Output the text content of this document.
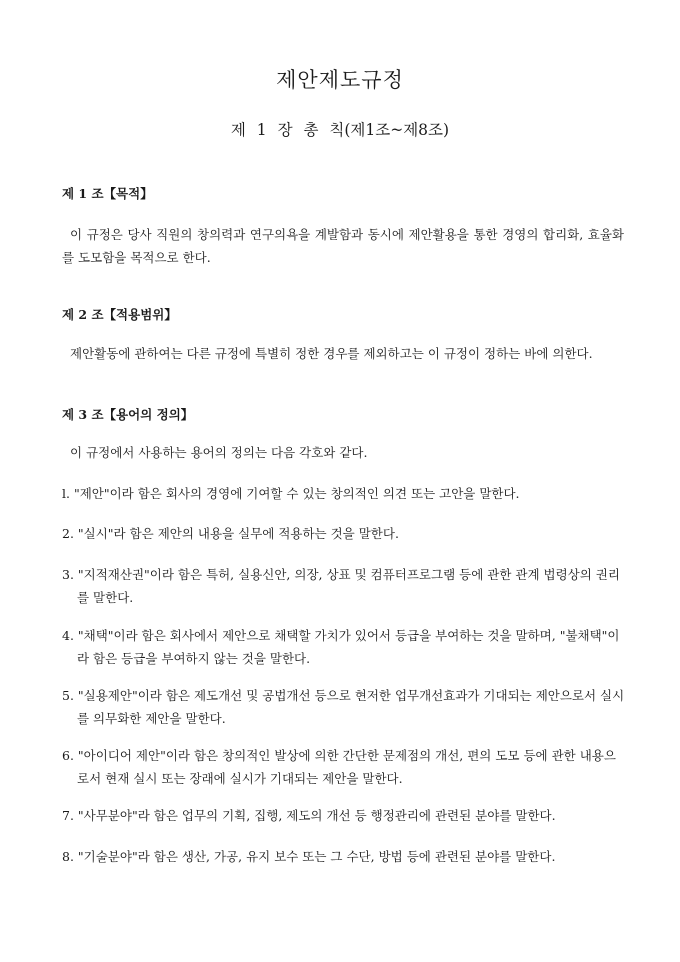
제안제도규정
제 1 장 총 칙(제1조~제8조)
제 1 조【목적】
이 규정은 당사 직원의 창의력과 연구의욕을 계발함과 동시에 제안활용을 통한 경영의 합리화, 효율화를 도모함을 목적으로 한다.
제 2 조【적용범위】
제안활동에 관하여는 다른 규정에 특별히 정한 경우를 제외하고는 이 규정이 정하는 바에 의한다.
제 3 조【용어의 정의】
이 규정에서 사용하는 용어의 정의는 다음 각호와 같다.
l. "제안"이라 함은 회사의 경영에 기여할 수 있는 창의적인 의견 또는 고안을 말한다.
2. "실시"라 함은 제안의 내용을 실무에 적용하는 것을 말한다.
3. "지적재산권"이라 함은 특허, 실용신안, 의장, 상표 및 컴퓨터프로그램 등에 관한 관계 법령상의 권리를 말한다.
4. "채택"이라 함은 회사에서 제안으로 채택할 가치가 있어서 등급을 부여하는 것을 말하며, "불채택"이라 함은 등급을 부여하지 않는 것을 말한다.
5. "실용제안"이라 함은 제도개선 및 공법개선 등으로 현저한 업무개선효과가 기대되는 제안으로서 실시를 의무화한 제안을 말한다.
6. "아이디어 제안"이라 함은 창의적인 발상에 의한 간단한 문제점의 개선, 편의 도모 등에 관한 내용으로서 현재 실시 또는 장래에 실시가 기대되는 제안을 말한다.
7. "사무분야"라 함은 업무의 기획, 집행, 제도의 개선 등 행정관리에 관련된 분야를 말한다.
8. "기술분야"라 함은 생산, 가공, 유지 보수 또는 그 수단, 방법 등에 관련된 분야를 말한다.
